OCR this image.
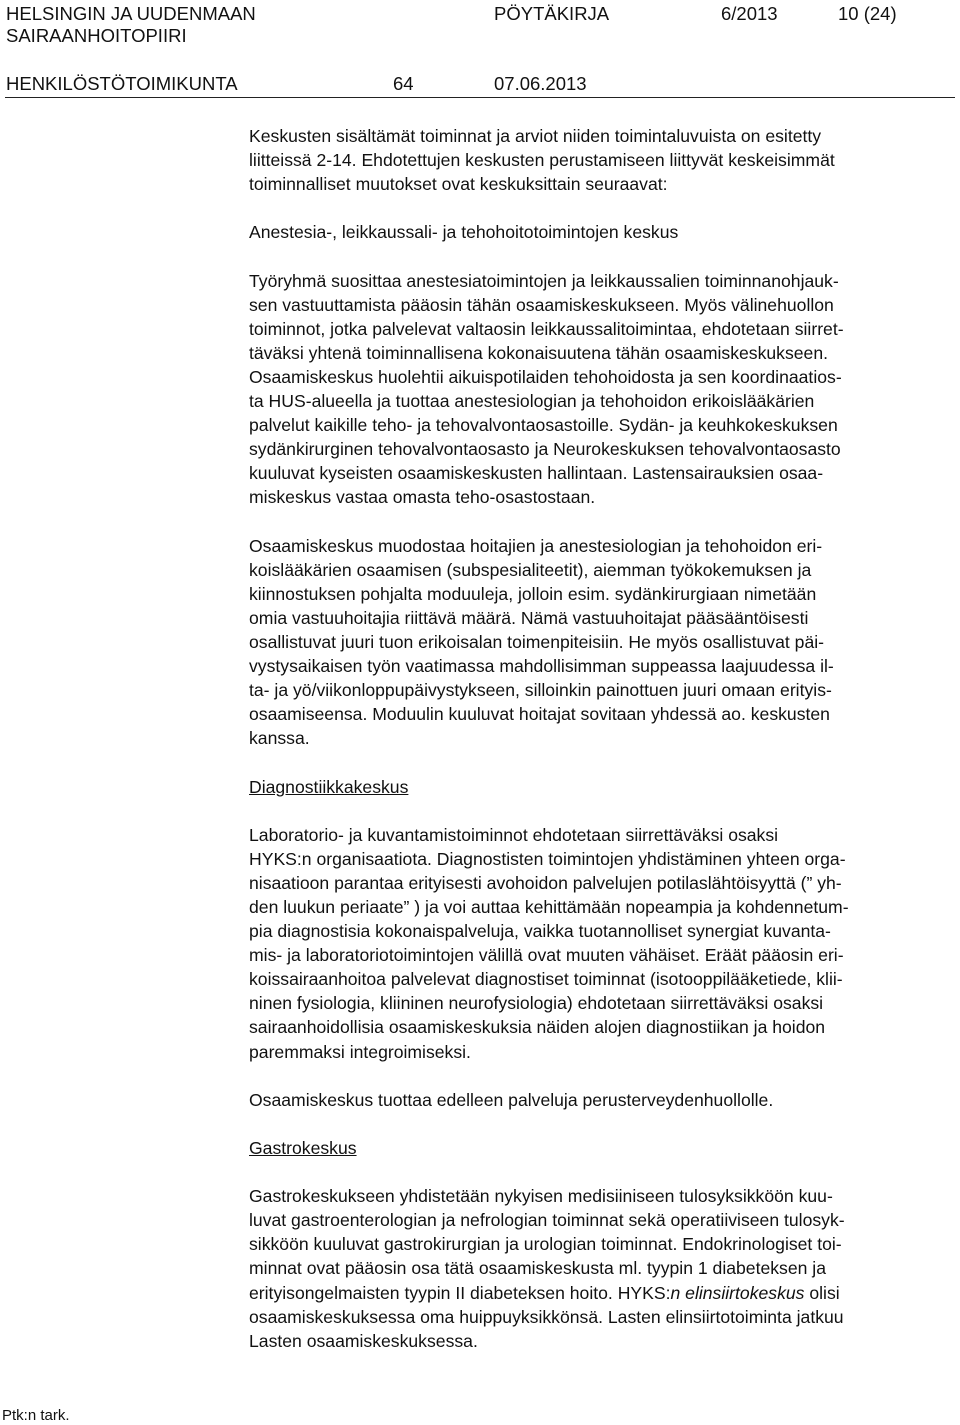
HELSINGIN JA UUDENMAAN
SAIRAANHOITOPIIRI
PÖYTÄKIRJA	6/2013	10 (24)
HENKILÖSTÖTOIMIKUNTA	64	07.06.2013

Keskusten sisältämät toiminnat ja arviot niiden toimintaluvuista on esitetty
liitteissä 2-14. Ehdotettujen keskusten perustamiseen liittyvät keskeisimmät
toiminnalliset muutokset ovat keskuksittain seuraavat:

Anestesia-, leikkaussali- ja tehohoitotoimintojen keskus

Työryhmä suosittaa anestesiatoimintojen ja leikkaussalien toiminnanohjauk-
sen vastuuttamista pääosin tähän osaamiskeskukseen. Myös välinehuollon
toiminnot, jotka palvelevat valtaosin leikkaussalitoimintaa, ehdotetaan siirret-
täväksi yhtenä toiminnallisena kokonaisuutena tähän osaamiskeskukseen.
Osaamiskeskus huolehtii aikuispotilaiden tehohoidosta ja sen koordinaatios-
ta HUS-alueella ja tuottaa anestesiologian ja tehohoidon erikoislääkärien
palvelut kaikille teho- ja tehovalvontaosastoille. Sydän- ja keuhkokeskuksen
sydänkirurginen tehovalvontaosasto ja Neurokeskuksen tehovalvontaosasto
kuuluvat kyseisten osaamiskeskusten hallintaan. Lastensairauksien osaa-
miskeskus vastaa omasta teho-osastostaan.

Osaamiskeskus muodostaa hoitajien ja anestesiologian ja tehohoidon eri-
koislääkärien osaamisen (subspesialiteetit), aiemman työkokemuksen ja
kiinnostuksen pohjalta moduuleja, jolloin esim. sydänkirurgiaan nimetään
omia vastuuhoitajia riittävä määrä. Nämä vastuuhoitajat pääsääntöisesti
osallistuvat juuri tuon erikoisalan toimenpiteisiin. He myös osallistuvat päi-
vystysaikaisen työn vaatimassa mahdollisimman suppeassa laajuudessa il-
ta- ja yö/viikonloppupäivystykseen, silloinkin painottuen juuri omaan erityis-
osaamiseensa. Moduulin kuuluvat hoitajat sovitaan yhdessä ao. keskusten
kanssa.

Diagnostiikkakeskus

Laboratorio- ja kuvantamistoiminnot ehdotetaan siirrettäväksi osaksi
HYKS:n organisaatiota. Diagnostisten toimintojen yhdistäminen yhteen orga-
nisaatioon parantaa erityisesti avohoidon palvelujen potilaslähtöisyyttä (” yh-
den luukun periaate” ) ja voi auttaa kehittämään nopeampia ja kohdennetum-
pia diagnostisia kokonaispalveluja, vaikka tuotannolliset synergiat kuvanta-
mis- ja laboratoriotoimintojen välillä ovat muuten vähäiset. Eräät pääosin eri-
koissairaanhoitoa palvelevat diagnostiset toiminnat (isotooppilääketiede, klii-
ninen fysiologia, kliininen neurofysiologia) ehdotetaan siirrettäväksi osaksi
sairaanhoidollisia osaamiskeskuksia näiden alojen diagnostiikan ja hoidon
paremmaksi integroimiseksi.

Osaamiskeskus tuottaa edelleen palveluja perusterveydenhuollolle.

Gastrokeskus

Gastrokeskukseen yhdistetään nykyisen medisiiniseen tulosyksikköön kuu-
luvat gastroenterologian ja nefrologian toiminnat sekä operatiiviseen tulosyk-
sikköön kuuluvat gastrokirurgian ja urologian toiminnat. Endokrinologiset toi-
minnat ovat pääosin osa tätä osaamiskeskusta ml. tyypin 1 diabeteksen ja
erityisongelmaisten tyypin II diabeteksen hoito. HYKS:n elinsiirtokeskus olisi
osaamiskeskuksessa oma huippuyksikkönsä. Lasten elinsiirtotoiminta jatkuu
Lasten osaamiskeskuksessa.

Ptk:n tark.
